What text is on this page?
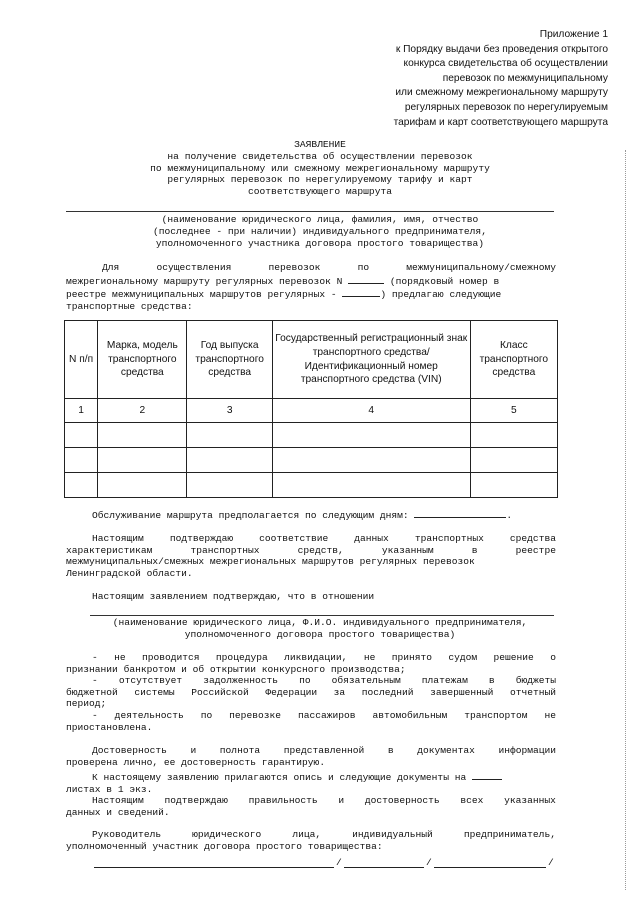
Приложение 1
к Порядку выдачи без проведения открытого
конкурса свидетельства об осуществлении
перевозок по межмуниципальному
или смежному межрегиональному маршруту
регулярных перевозок по нерегулируемым
тарифам и карт соответствующего маршрута
ЗАЯВЛЕНИЕ
на получение свидетельства об осуществлении перевозок
по межмуниципальному или смежному межрегиональному маршруту
регулярных перевозок по нерегулируемому тарифу и карт
соответствующего маршрута
(наименование юридического лица, фамилия, имя, отчество
(последнее - при наличии) индивидуального предпринимателя,
уполномоченного участника договора простого товарищества)
Для	осуществления	перевозок	по	межмуниципальному/смежному
межрегиональному маршруту регулярных перевозок N	(порядковый номер в
реестре межмуниципальных маршрутов регулярных -	) предлагаю следующие
транспортные средства:
N п/п	Марка, модель транспортного средства	Год выпуска транспортного средства	Государственный регистрационный знак транспортного средства/Идентификационный номер транспортного средства (VIN)	Класс транспортного средства
1	2	3	4	5

Обслуживание маршрута предполагается по следующим дням:	.
Настоящим	подтверждаю	соответствие	данных	транспортных	средства
характеристикам	транспортных	средств,	указанным	в	реестре
межмуниципальных/смежных межрегиональных маршрутов регулярных перевозок
Ленинградской области.
Настоящим заявлением подтверждаю, что в отношении
(наименование юридического лица, Ф.И.О. индивидуального предпринимателя,
уполномоченного договора простого товарищества)
- не проводится процедура ликвидации, не принято судом решение о
признании банкротом и об открытии конкурсного производства;
- отсутствует задолженность по обязательным платежам в бюджеты
бюджетной системы Российской Федерации за последний завершенный отчетный
период;
- деятельность по перевозке пассажиров автомобильным транспортом не
приостановлена.
Достоверность и полнота представленной в документах информации
проверена лично, ее достоверность гарантирую.
К настоящему заявлению прилагаются опись и следующие документы на
листах в 1 экз.
Настоящим подтверждаю правильность и достоверность всех указанных
данных и сведений.
Руководитель	юридического	лица,	индивидуальный	предприниматель,
уполномоченный участник договора простого товарищества:
/	/	/
